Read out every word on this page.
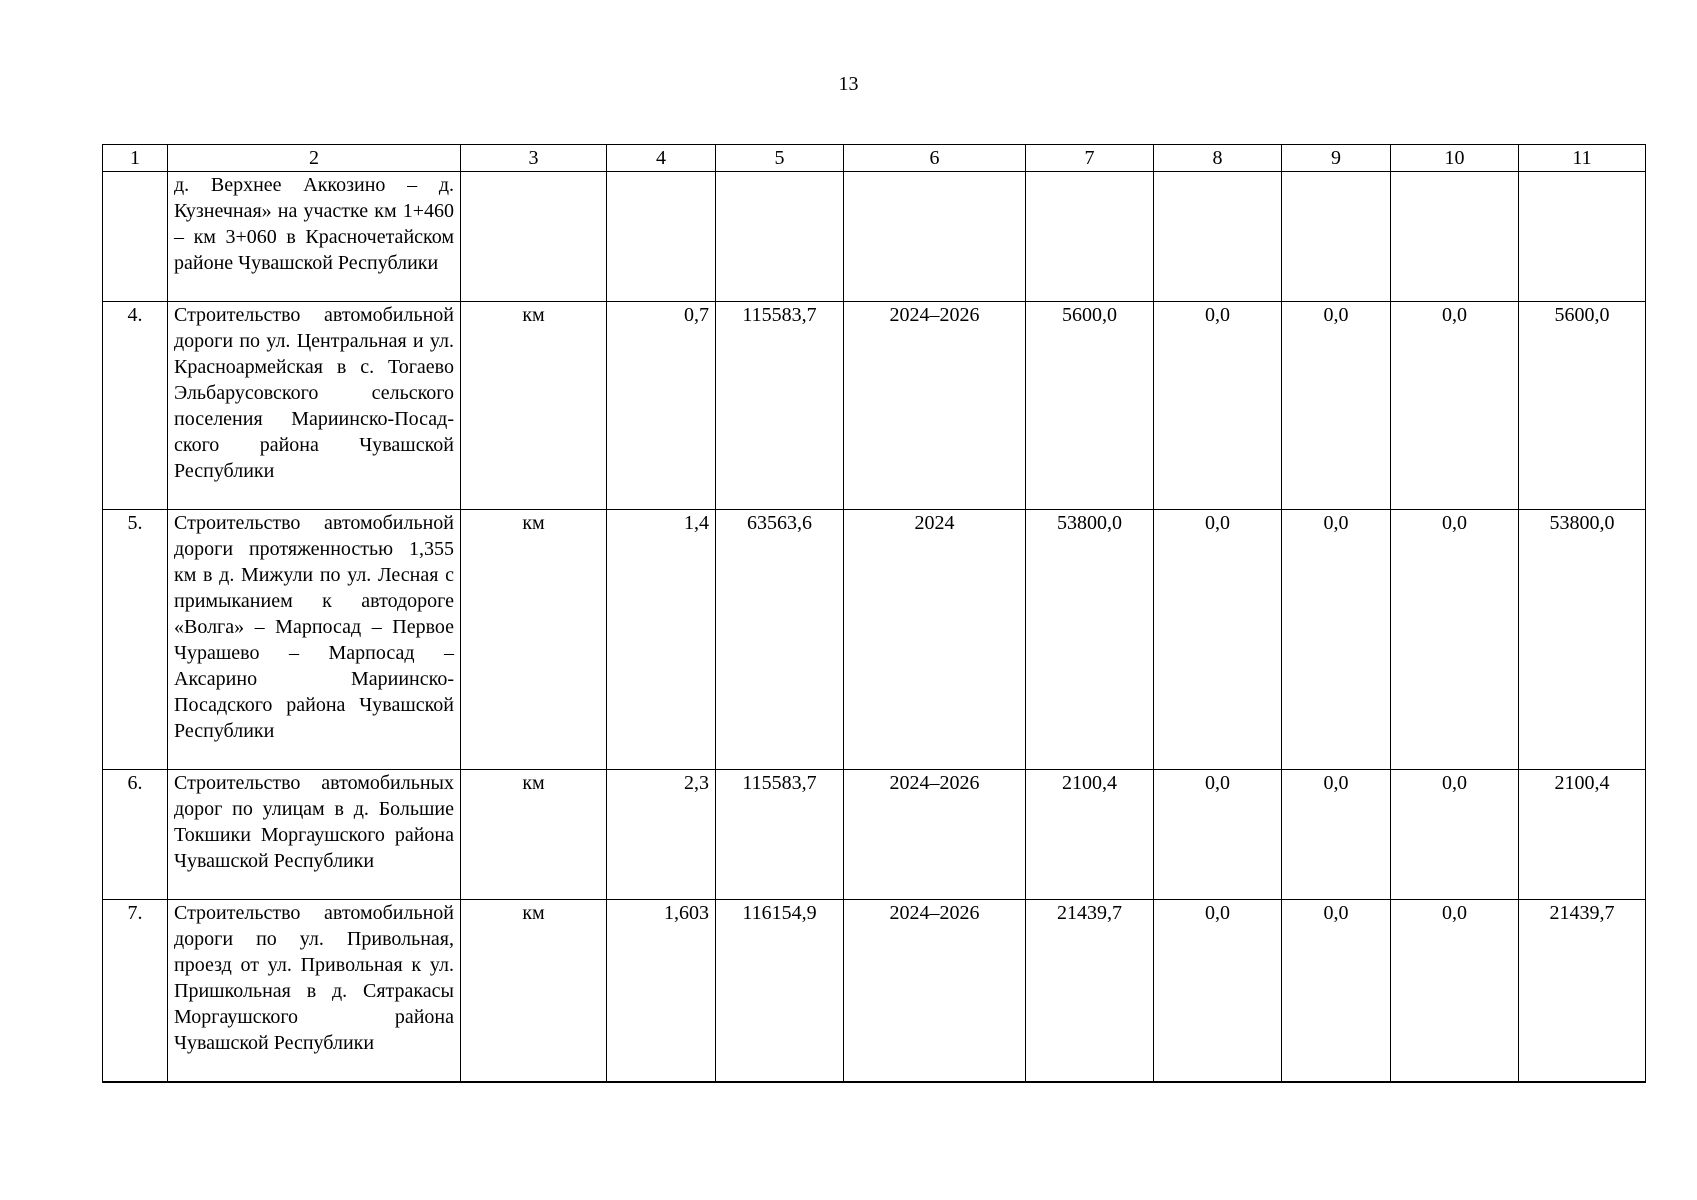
13
1	2	3	4	5	6	7	8	9	10	11
	д. Верхнее Аккозино – д. Кузнечная» на участке км 1+460 – км 3+060 в Красночетайском районе Чувашской Республики									
4.	Строительство автомобильной дороги по ул. Центральная и ул. Красноармейская в с. Тогаево Эльбарусовского сельского поселения Мариинско-Посадского района Чувашской Республики	км	0,7	115583,7	2024–2026	5600,0	0,0	0,0	0,0	5600,0
5.	Строительство автомобильной дороги протяженностью 1,355 км в д. Мижули по ул. Лесная с примыканием к автодороге «Волга» – Марпосад – Первое Чурашево – Марпосад – Аксарино Мариинско-Посадского района Чувашской Республики	км	1,4	63563,6	2024	53800,0	0,0	0,0	0,0	53800,0
6.	Строительство автомобильных дорог по улицам в д. Большие Токшики Моргаушского района Чувашской Республики	км	2,3	115583,7	2024–2026	2100,4	0,0	0,0	0,0	2100,4
7.	Строительство автомобильной дороги по ул. Привольная, проезд от ул. Привольная к ул. Пришкольная в д. Сятракасы Моргаушского района Чувашской Республики	км	1,603	116154,9	2024–2026	21439,7	0,0	0,0	0,0	21439,7
